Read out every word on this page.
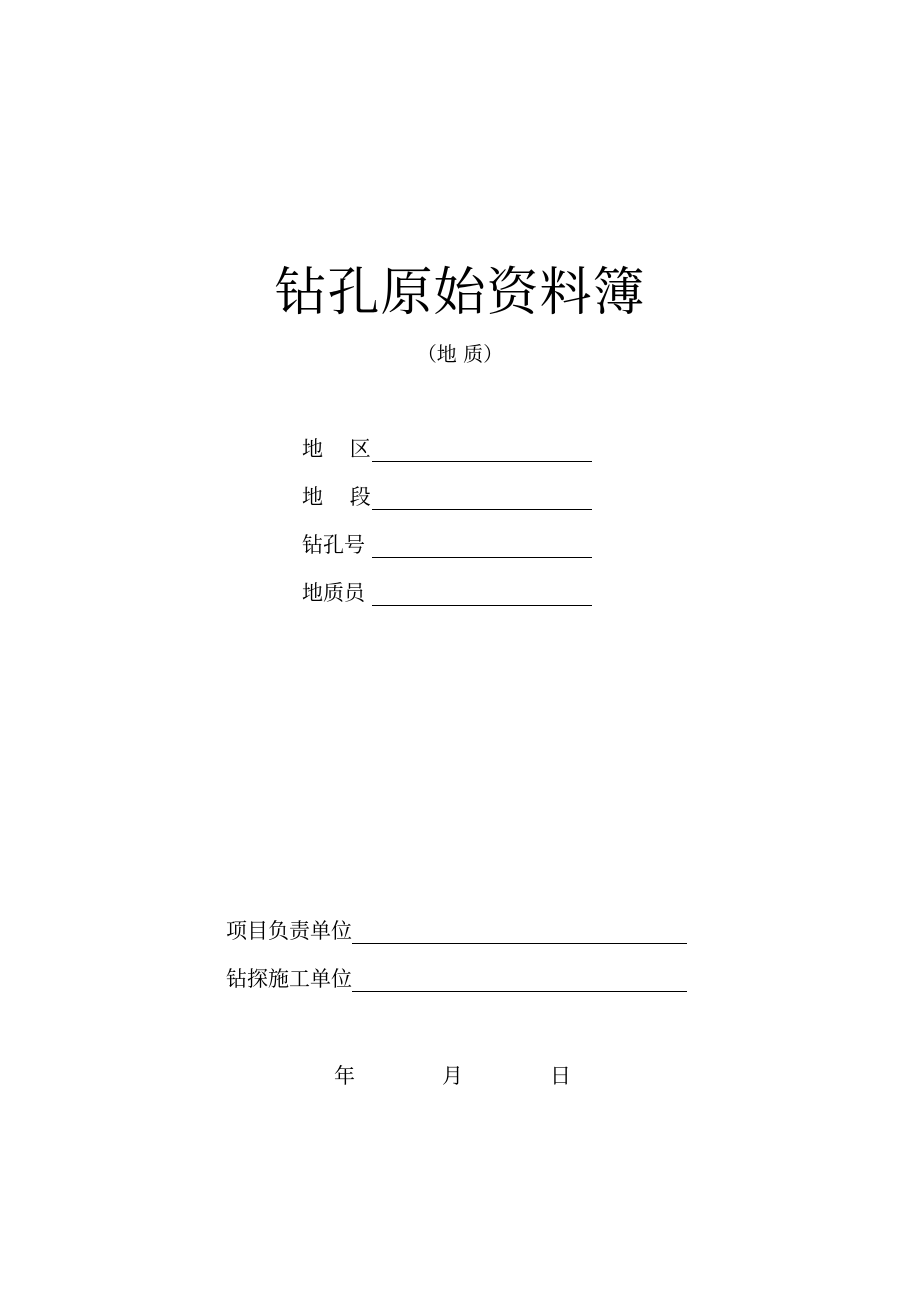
钻孔原始资料簿
（地 质）
地    区
地    段
钻孔号
地质员
项目负责单位
钻探施工单位
年	月	日
